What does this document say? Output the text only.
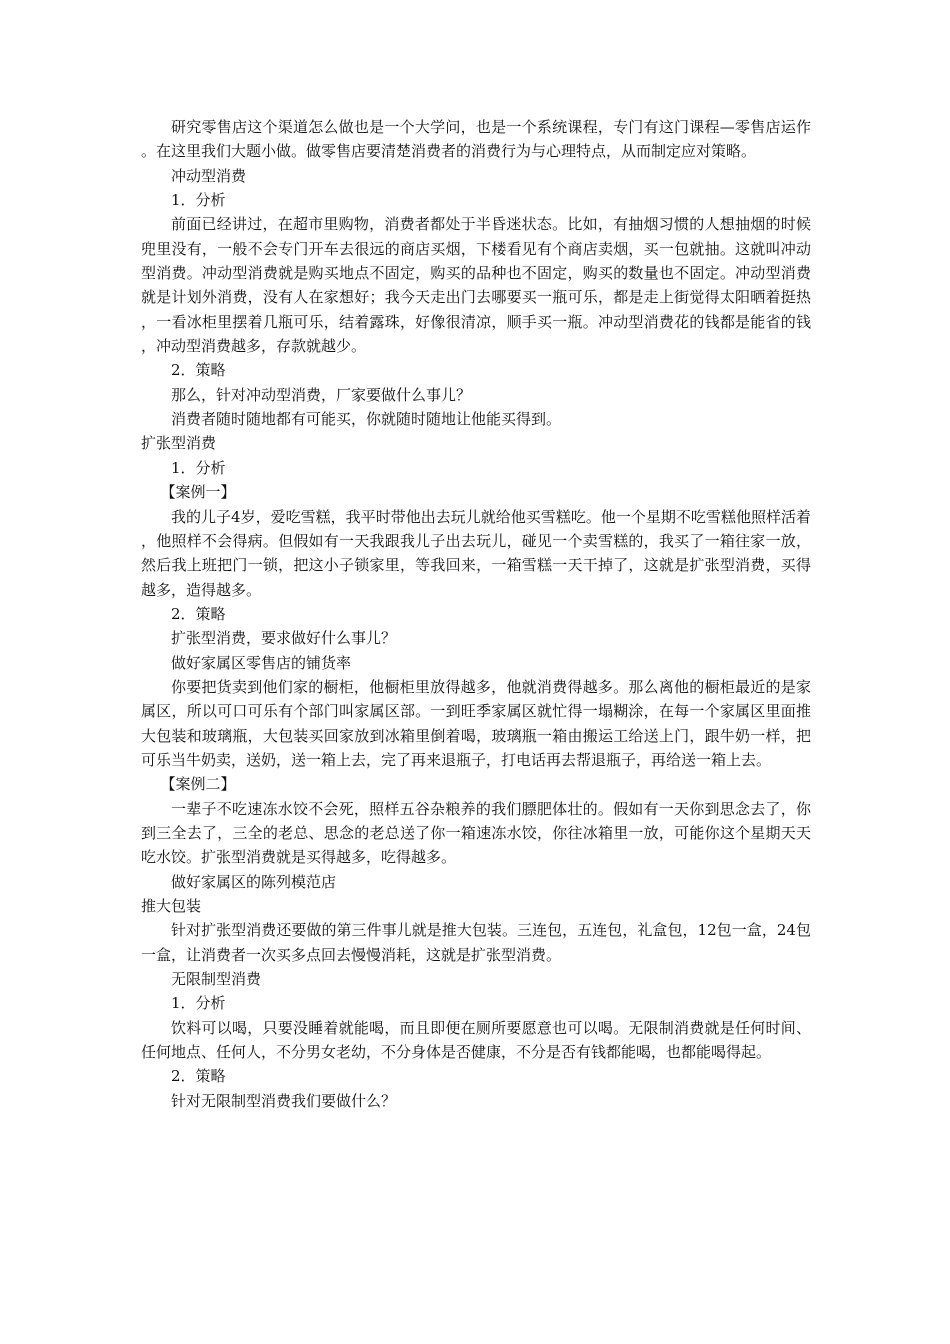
研究零售店这个渠道怎么做也是一个大学问，也是一个系统课程，专门有这门课程—零售店运作。在这里我们大题小做。做零售店要清楚消费者的消费行为与心理特点，从而制定应对策略。

冲动型消费

1．分析

前面已经讲过，在超市里购物，消费者都处于半昏迷状态。比如，有抽烟习惯的人想抽烟的时候兜里没有，一般不会专门开车去很远的商店买烟，下楼看见有个商店卖烟，买一包就抽。这就叫冲动型消费。冲动型消费就是购买地点不固定，购买的品种也不固定，购买的数量也不固定。冲动型消费就是计划外消费，没有人在家想好；我今天走出门去哪要买一瓶可乐，都是走上街觉得太阳晒着挺热，一看冰柜里摆着几瓶可乐，结着露珠，好像很清凉，顺手买一瓶。冲动型消费花的钱都是能省的钱，冲动型消费越多，存款就越少。

2．策略

那么，针对冲动型消费，厂家要做什么事儿？

消费者随时随地都有可能买，你就随时随地让他能买得到。

扩张型消费

1．分析

【案例一】

我的儿子4岁，爱吃雪糕，我平时带他出去玩儿就给他买雪糕吃。他一个星期不吃雪糕他照样活着，他照样不会得病。但假如有一天我跟我儿子出去玩儿，碰见一个卖雪糕的，我买了一箱往家一放，然后我上班把门一锁，把这小子锁家里，等我回来，一箱雪糕一天干掉了，这就是扩张型消费，买得越多，造得越多。

2．策略

扩张型消费，要求做好什么事儿？

做好家属区零售店的铺货率

你要把货卖到他们家的橱柜，他橱柜里放得越多，他就消费得越多。那么离他的橱柜最近的是家属区，所以可口可乐有个部门叫家属区部。一到旺季家属区就忙得一塌糊涂，在每一个家属区里面推大包装和玻璃瓶，大包装买回家放到冰箱里倒着喝，玻璃瓶一箱由搬运工给送上门，跟牛奶一样，把可乐当牛奶卖，送奶，送一箱上去，完了再来退瓶子，打电话再去帮退瓶子，再给送一箱上去。

【案例二】

一辈子不吃速冻水饺不会死，照样五谷杂粮养的我们膘肥体壮的。假如有一天你到思念去了，你到三全去了，三全的老总、思念的老总送了你一箱速冻水饺，你往冰箱里一放，可能你这个星期天天吃水饺。扩张型消费就是买得越多，吃得越多。

做好家属区的陈列模范店

推大包装

针对扩张型消费还要做的第三件事儿就是推大包装。三连包，五连包，礼盒包，12包一盒，24包一盒，让消费者一次买多点回去慢慢消耗，这就是扩张型消费。

无限制型消费

1．分析

饮料可以喝，只要没睡着就能喝，而且即便在厕所要愿意也可以喝。无限制消费就是任何时间、任何地点、任何人，不分男女老幼，不分身体是否健康，不分是否有钱都能喝，也都能喝得起。

2．策略

针对无限制型消费我们要做什么？
